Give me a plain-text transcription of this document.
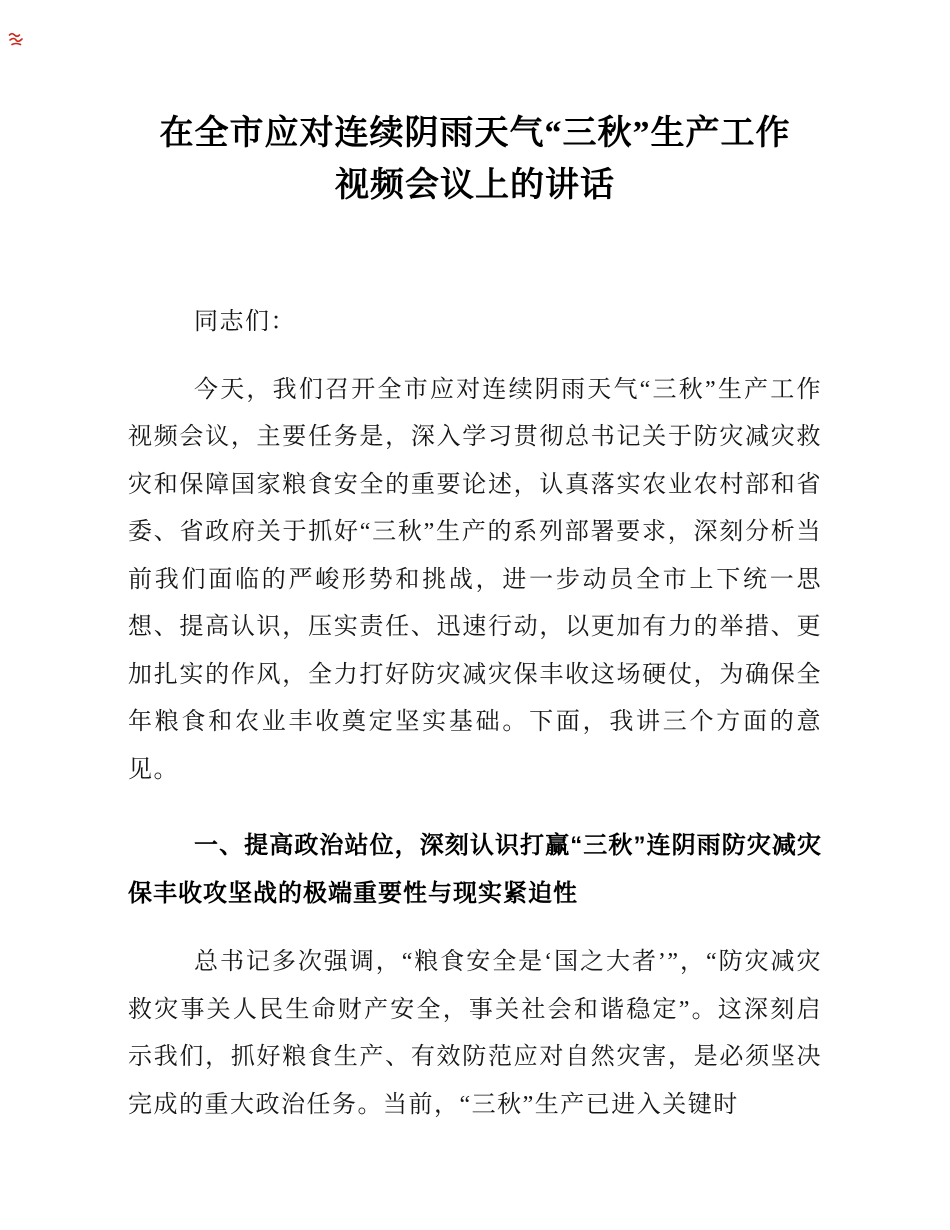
在全市应对连续阴雨天气“三秋”生产工作
视频会议上的讲话

同志们：

今天，我们召开全市应对连续阴雨天气“三秋”生产工作视频会议，主要任务是，深入学习贯彻总书记关于防灾减灾救灾和保障国家粮食安全的重要论述，认真落实农业农村部和省委、省政府关于抓好“三秋”生产的系列部署要求，深刻分析当前我们面临的严峻形势和挑战，进一步动员全市上下统一思想、提高认识，压实责任、迅速行动，以更加有力的举措、更加扎实的作风，全力打好防灾减灾保丰收这场硬仗，为确保全年粮食和农业丰收奠定坚实基础。下面，我讲三个方面的意见。

一、提高政治站位，深刻认识打赢“三秋”连阴雨防灾减灾保丰收攻坚战的极端重要性与现实紧迫性

总书记多次强调，“粮食安全是‘国之大者’”，“防灾减灾救灾事关人民生命财产安全，事关社会和谐稳定”。这深刻启示我们，抓好粮食生产、有效防范应对自然灾害，是必须坚决完成的重大政治任务。当前，“三秋”生产已进入关键时
